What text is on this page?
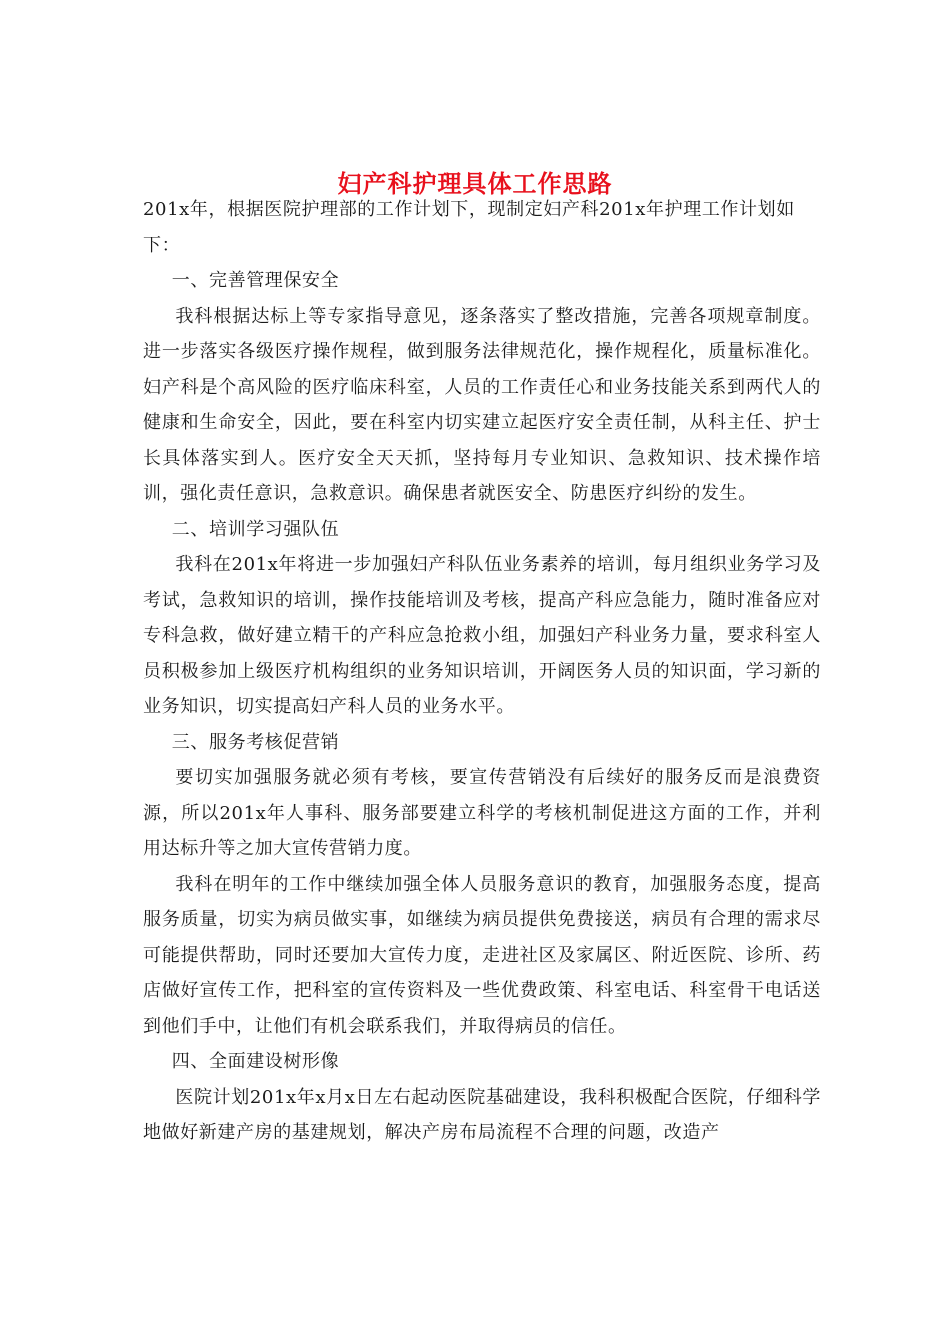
妇产科护理具体工作思路

201x年，根据医院护理部的工作计划下，现制定妇产科201x年护理工作计划如下：

一、完善管理保安全

我科根据达标上等专家指导意见，逐条落实了整改措施，完善各项规章制度。进一步落实各级医疗操作规程，做到服务法律规范化，操作规程化，质量标准化。妇产科是个高风险的医疗临床科室，人员的工作责任心和业务技能关系到两代人的健康和生命安全，因此，要在科室内切实建立起医疗安全责任制，从科主任、护士长具体落实到人。医疗安全天天抓，坚持每月专业知识、急救知识、技术操作培训，强化责任意识，急救意识。确保患者就医安全、防患医疗纠纷的发生。

二、培训学习强队伍

我科在201x年将进一步加强妇产科队伍业务素养的培训，每月组织业务学习及考试，急救知识的培训，操作技能培训及考核，提高产科应急能力，随时准备应对专科急救，做好建立精干的产科应急抢救小组，加强妇产科业务力量，要求科室人员积极参加上级医疗机构组织的业务知识培训，开阔医务人员的知识面，学习新的业务知识，切实提高妇产科人员的业务水平。

三、服务考核促营销

要切实加强服务就必须有考核，要宣传营销没有后续好的服务反而是浪费资源，所以201x年人事科、服务部要建立科学的考核机制促进这方面的工作，并利用达标升等之加大宣传营销力度。

我科在明年的工作中继续加强全体人员服务意识的教育，加强服务态度，提高服务质量，切实为病员做实事，如继续为病员提供免费接送，病员有合理的需求尽可能提供帮助，同时还要加大宣传力度，走进社区及家属区、附近医院、诊所、药店做好宣传工作，把科室的宣传资料及一些优费政策、科室电话、科室骨干电话送到他们手中，让他们有机会联系我们，并取得病员的信任。

四、全面建设树形像

医院计划201x年x月x日左右起动医院基础建设，我科积极配合医院，仔细科学地做好新建产房的基建规划，解决产房布局流程不合理的问题，改造产
